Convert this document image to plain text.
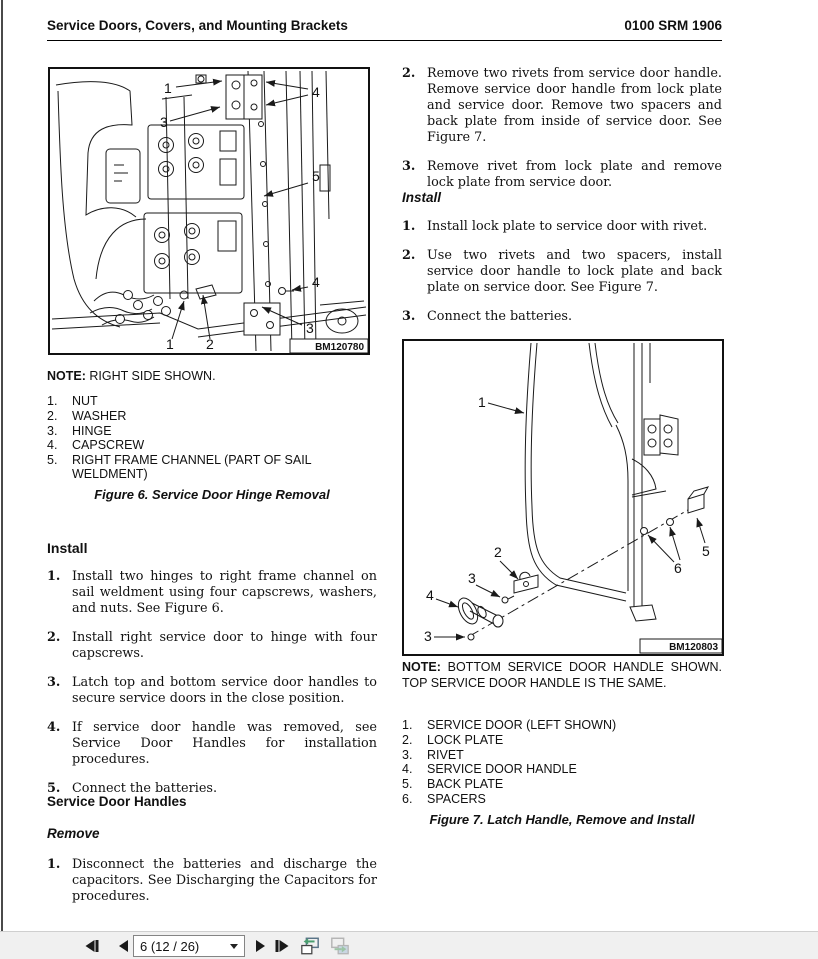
Service Doors, Covers, and Mounting Brackets	0100 SRM 1906
1	4
3
5
4
3
1 2	BM120780
NOTE: RIGHT SIDE SHOWN.
1.	NUT
2.	WASHER
3.	HINGE
4.	CAPSCREW
5.	RIGHT FRAME CHANNEL (PART OF SAIL WELDMENT)
Figure 6. Service Door Hinge Removal
Install
1. Install two hinges to right frame channel on sail weldment using four capscrews, washers, and nuts. See Figure 6.

2. Install right service door to hinge with four capscrews.

3. Latch top and bottom service door handles to secure service doors in the close position.

4. If service door handle was removed, see Service Door Handles for installation procedures.

5. Connect the batteries.

Service Door Handles
Remove
1. Disconnect the batteries and discharge the capacitors. See Discharging the Capacitors for procedures.

2. Remove two rivets from service door handle. Remove service door handle from lock plate and service door. Remove two spacers and back plate from inside of service door. See Figure 7.

3. Remove rivet from lock plate and remove lock plate from service door.

Install
1. Install lock plate to service door with rivet.

2. Use two rivets and two spacers, install service door handle to lock plate and back plate on service door. See Figure 7.

3. Connect the batteries.

1
2
3
4
3
5
6
BM120803
NOTE: BOTTOM SERVICE DOOR HANDLE SHOWN. TOP SERVICE DOOR HANDLE IS THE SAME.
1.	SERVICE DOOR (LEFT SHOWN)
2.	LOCK PLATE
3.	RIVET
4.	SERVICE DOOR HANDLE
5.	BACK PLATE
6.	SPACERS
Figure 7. Latch Handle, Remove and Install
6 (12 / 26)
